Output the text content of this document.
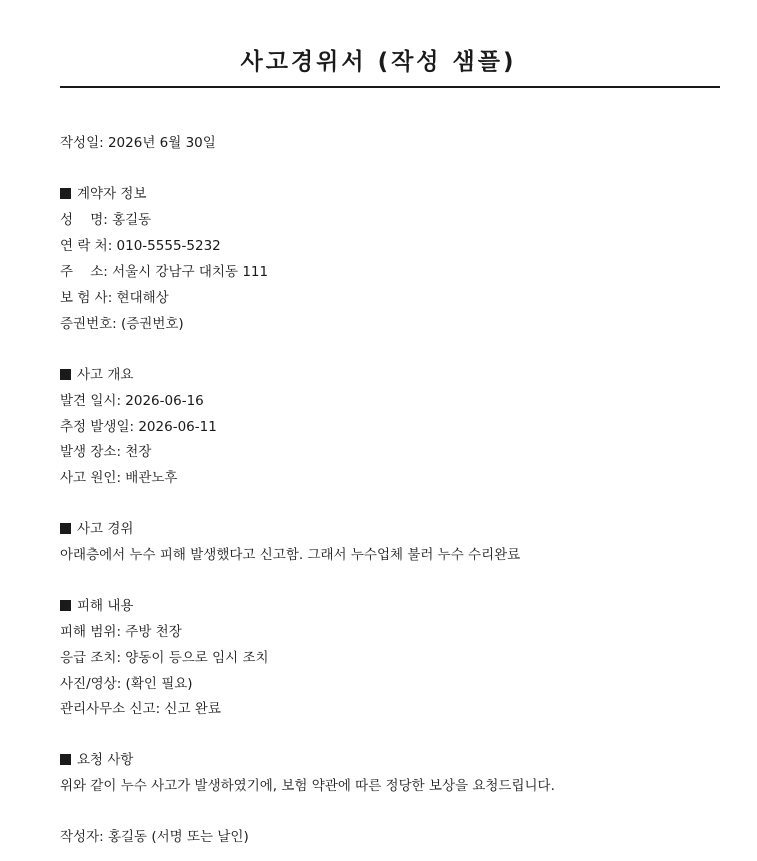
사고경위서 (작성 샘플)
작성일: 2026년 6월 30일
계약자 정보
성    명: 홍길동
연 락 처: 010-5555-5232
주    소: 서울시 강남구 대치동 111
보 험 사: 현대해상
증권번호: (증권번호)
사고 개요
발견 일시: 2026-06-16
추정 발생일: 2026-06-11
발생 장소: 천장
사고 원인: 배관노후
사고 경위
아래층에서 누수 피해 발생했다고 신고함. 그래서 누수업체 불러 누수 수리완료
피해 내용
피해 범위: 주방 천장
응급 조치: 양동이 등으로 임시 조치
사진/영상: (확인 필요)
관리사무소 신고: 신고 완료
요청 사항
위와 같이 누수 사고가 발생하였기에, 보험 약관에 따른 정당한 보상을 요청드립니다.
작성자: 홍길동 (서명 또는 날인)
